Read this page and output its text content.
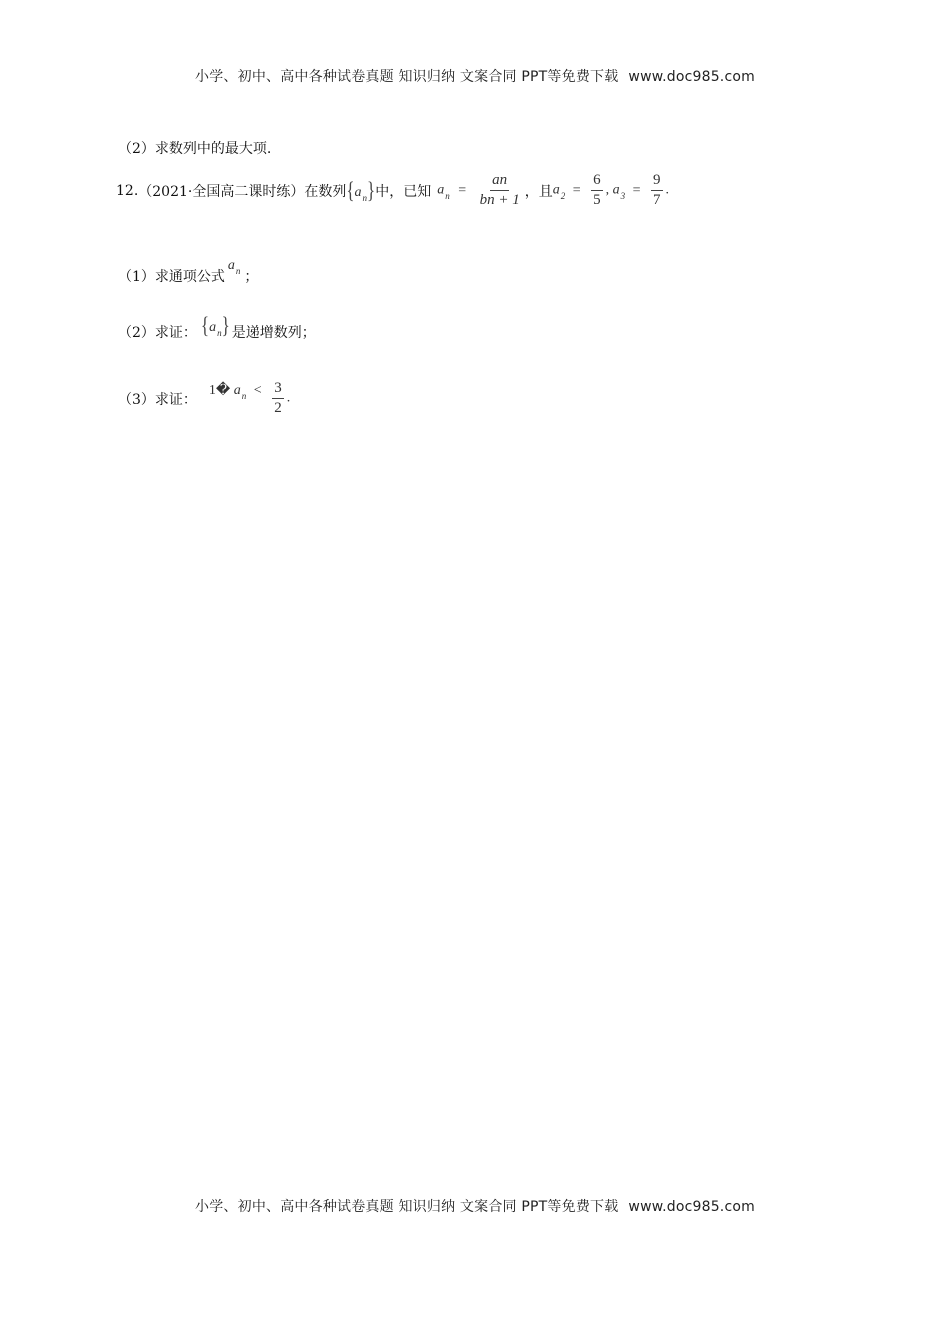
小学、初中、高中各种试卷真题 知识归纳 文案合同 PPT等免费下载 www.doc985.com
（2）求数列中的最大项.
12. （2021·全国高二课时练） 在数列 $\{a_n\}$ 中，已知 $a_n = \frac{an}{bn + 1}$ ，且 $a_2 = \frac{6}{5}$ , $a_3 = \frac{9}{7}$ .
（1）求通项公式
$a_n$ ；
（2）求证： $\{a_n\}$ 是递增数列；
（3）求证：
1� $a_n < \frac{3}{2}$ .
小学、初中、高中各种试卷真题 知识归纳 文案合同 PPT等免费下载 www.doc985.com
